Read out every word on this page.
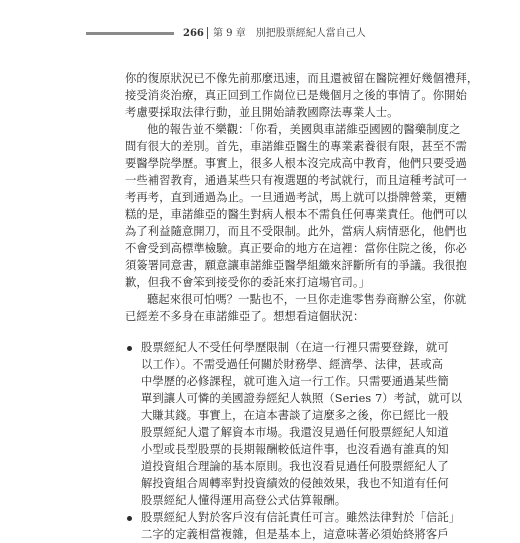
266 第 9 章　別把股票經紀人當自己人
你的復原狀況已不像先前那麼迅速，而且還被留在醫院裡好幾個禮拜，
接受消炎治療，真正回到工作崗位已是幾個月之後的事情了。你開始
考慮要採取法律行動，並且開始請教國際法專業人士。
他的報告並不樂觀：「你看，美國與車諾維亞國國的醫藥制度之
間有很大的差別。首先，車諾維亞醫生的專業素養很有限，甚至不需
要醫學院學歷。事實上，很多人根本沒完成高中教育，他們只要受過
一些補習教育，通過某些只有複選題的考試就行，而且這種考試可一
考再考，直到通過為止。一旦通過考試，馬上就可以掛牌營業，更糟
糕的是，車諾維亞的醫生對病人根本不需負任何專業責任。他們可以
為了利益隨意開刀，而且不受限制。此外，當病人病情惡化，他們也
不會受到高標準檢驗。真正要命的地方在這裡：當你住院之後，你必
須簽署同意書，願意讓車諾維亞醫學組織來評斷所有的爭議。我很抱
歉，但我不會笨到接受你的委託來打這場官司。」
聽起來很可怕嗎？一點也不，一旦你走進零售券商辦公室，你就
已經差不多身在車諾維亞了。想想看這個狀況：
股票經紀人不受任何學歷限制（在這一行裡只需要登錄，就可
以工作）。不需受過任何關於財務學、經濟學、法律，甚或高
中學歷的必修課程，就可進入這一行工作。只需要通過某些簡
單到讓人可憐的美國證券經紀人執照（Series 7）考試，就可以
大賺其錢。事實上，在這本書談了這麼多之後，你已經比一般
股票經紀人還了解資本市場。我還沒見過任何股票經紀人知道
小型或長型股票的長期報酬較低這件事，也沒看過有誰真的知
道投資組合理論的基本原則。我也沒看見過任何股票經紀人了
解投資組合周轉率對投資績效的侵蝕效果，我也不知道有任何
股票經紀人懂得運用高登公式估算報酬。
股票經紀人對於客戶沒有信託責任可言。雖然法律對於「信託」
二字的定義相當複雜，但是基本上，這意味著必須始終將客戶
